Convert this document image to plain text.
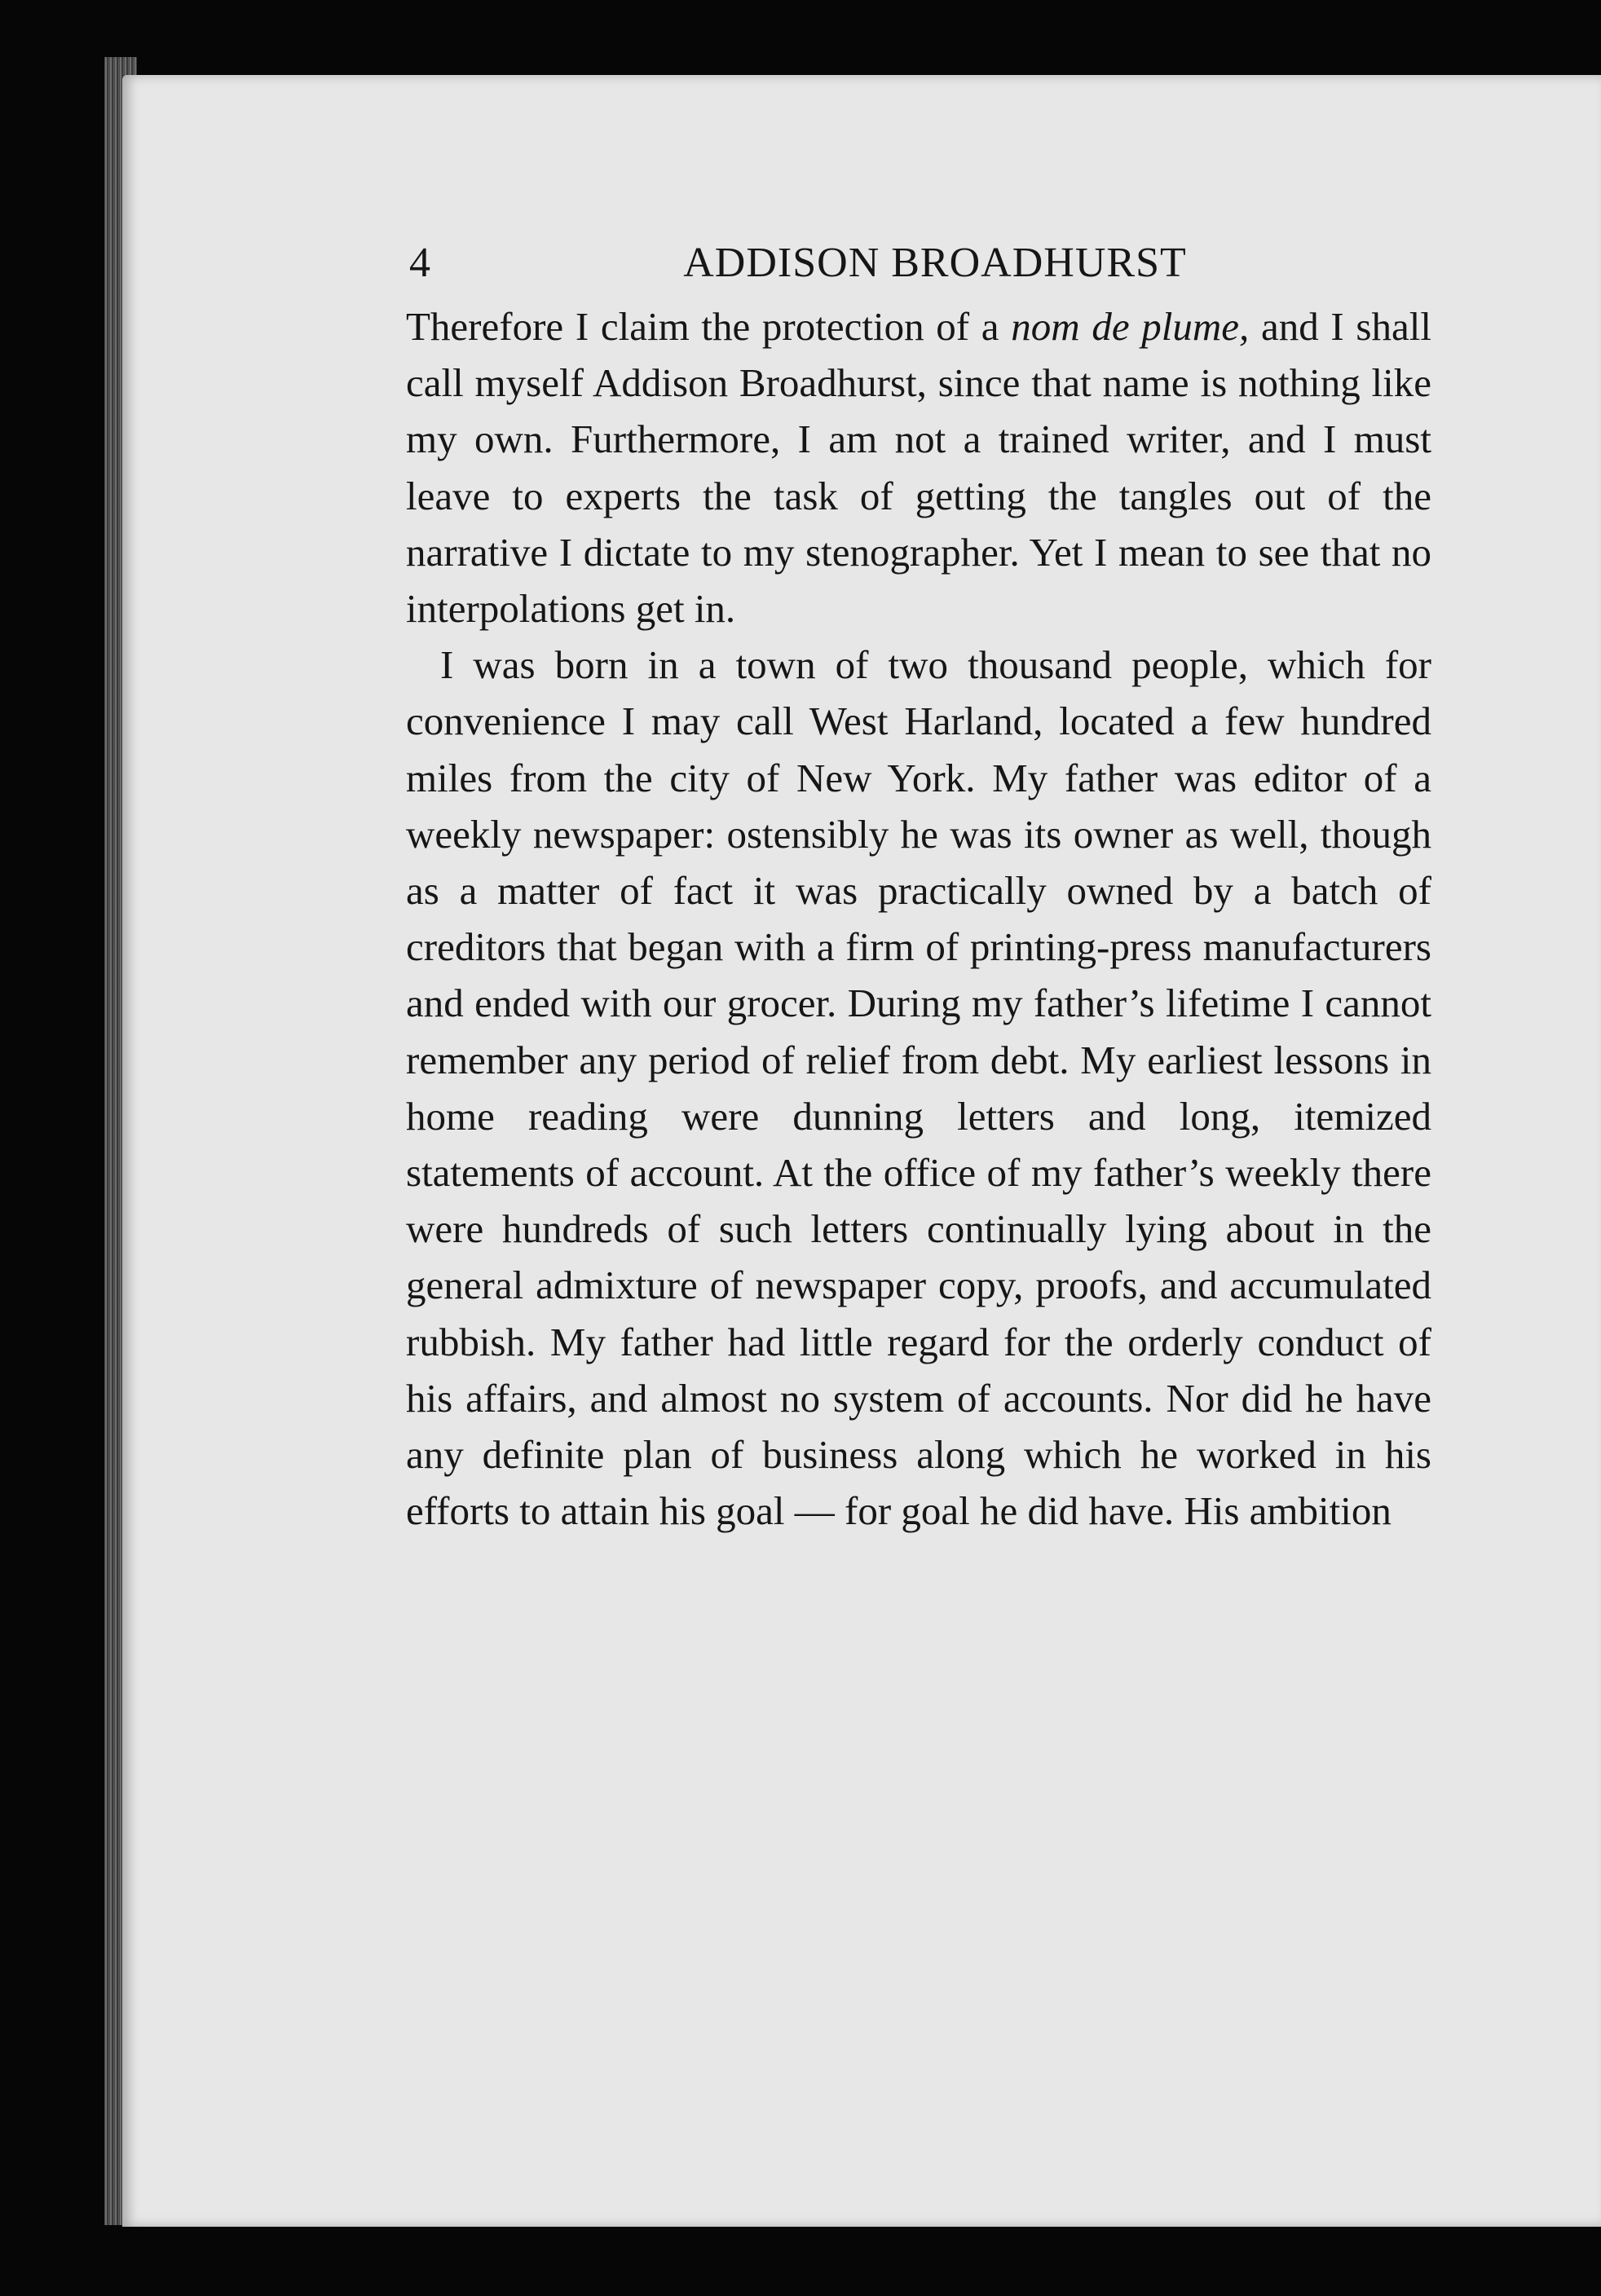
4	ADDISON BROADHURST

Therefore I claim the protection of a nom de plume, and I shall call myself Addison Broadhurst, since that name is nothing like my own. Furthermore, I am not a trained writer, and I must leave to experts the task of getting the tangles out of the narrative I dictate to my stenographer. Yet I mean to see that no interpolations get in.

I was born in a town of two thousand people, which for convenience I may call West Harland, located a few hundred miles from the city of New York. My father was editor of a weekly newspaper: ostensibly he was its owner as well, though as a matter of fact it was practically owned by a batch of creditors that began with a firm of printing-press manufacturers and ended with our grocer. During my father’s lifetime I cannot remember any period of relief from debt. My earliest lessons in home reading were dunning letters and long, itemized statements of account. At the office of my father’s weekly there were hundreds of such letters continually lying about in the general admixture of newspaper copy, proofs, and accumulated rubbish. My father had little regard for the orderly conduct of his affairs, and almost no system of accounts. Nor did he have any definite plan of business along which he worked in his efforts to attain his goal — for goal he did have. His ambition
